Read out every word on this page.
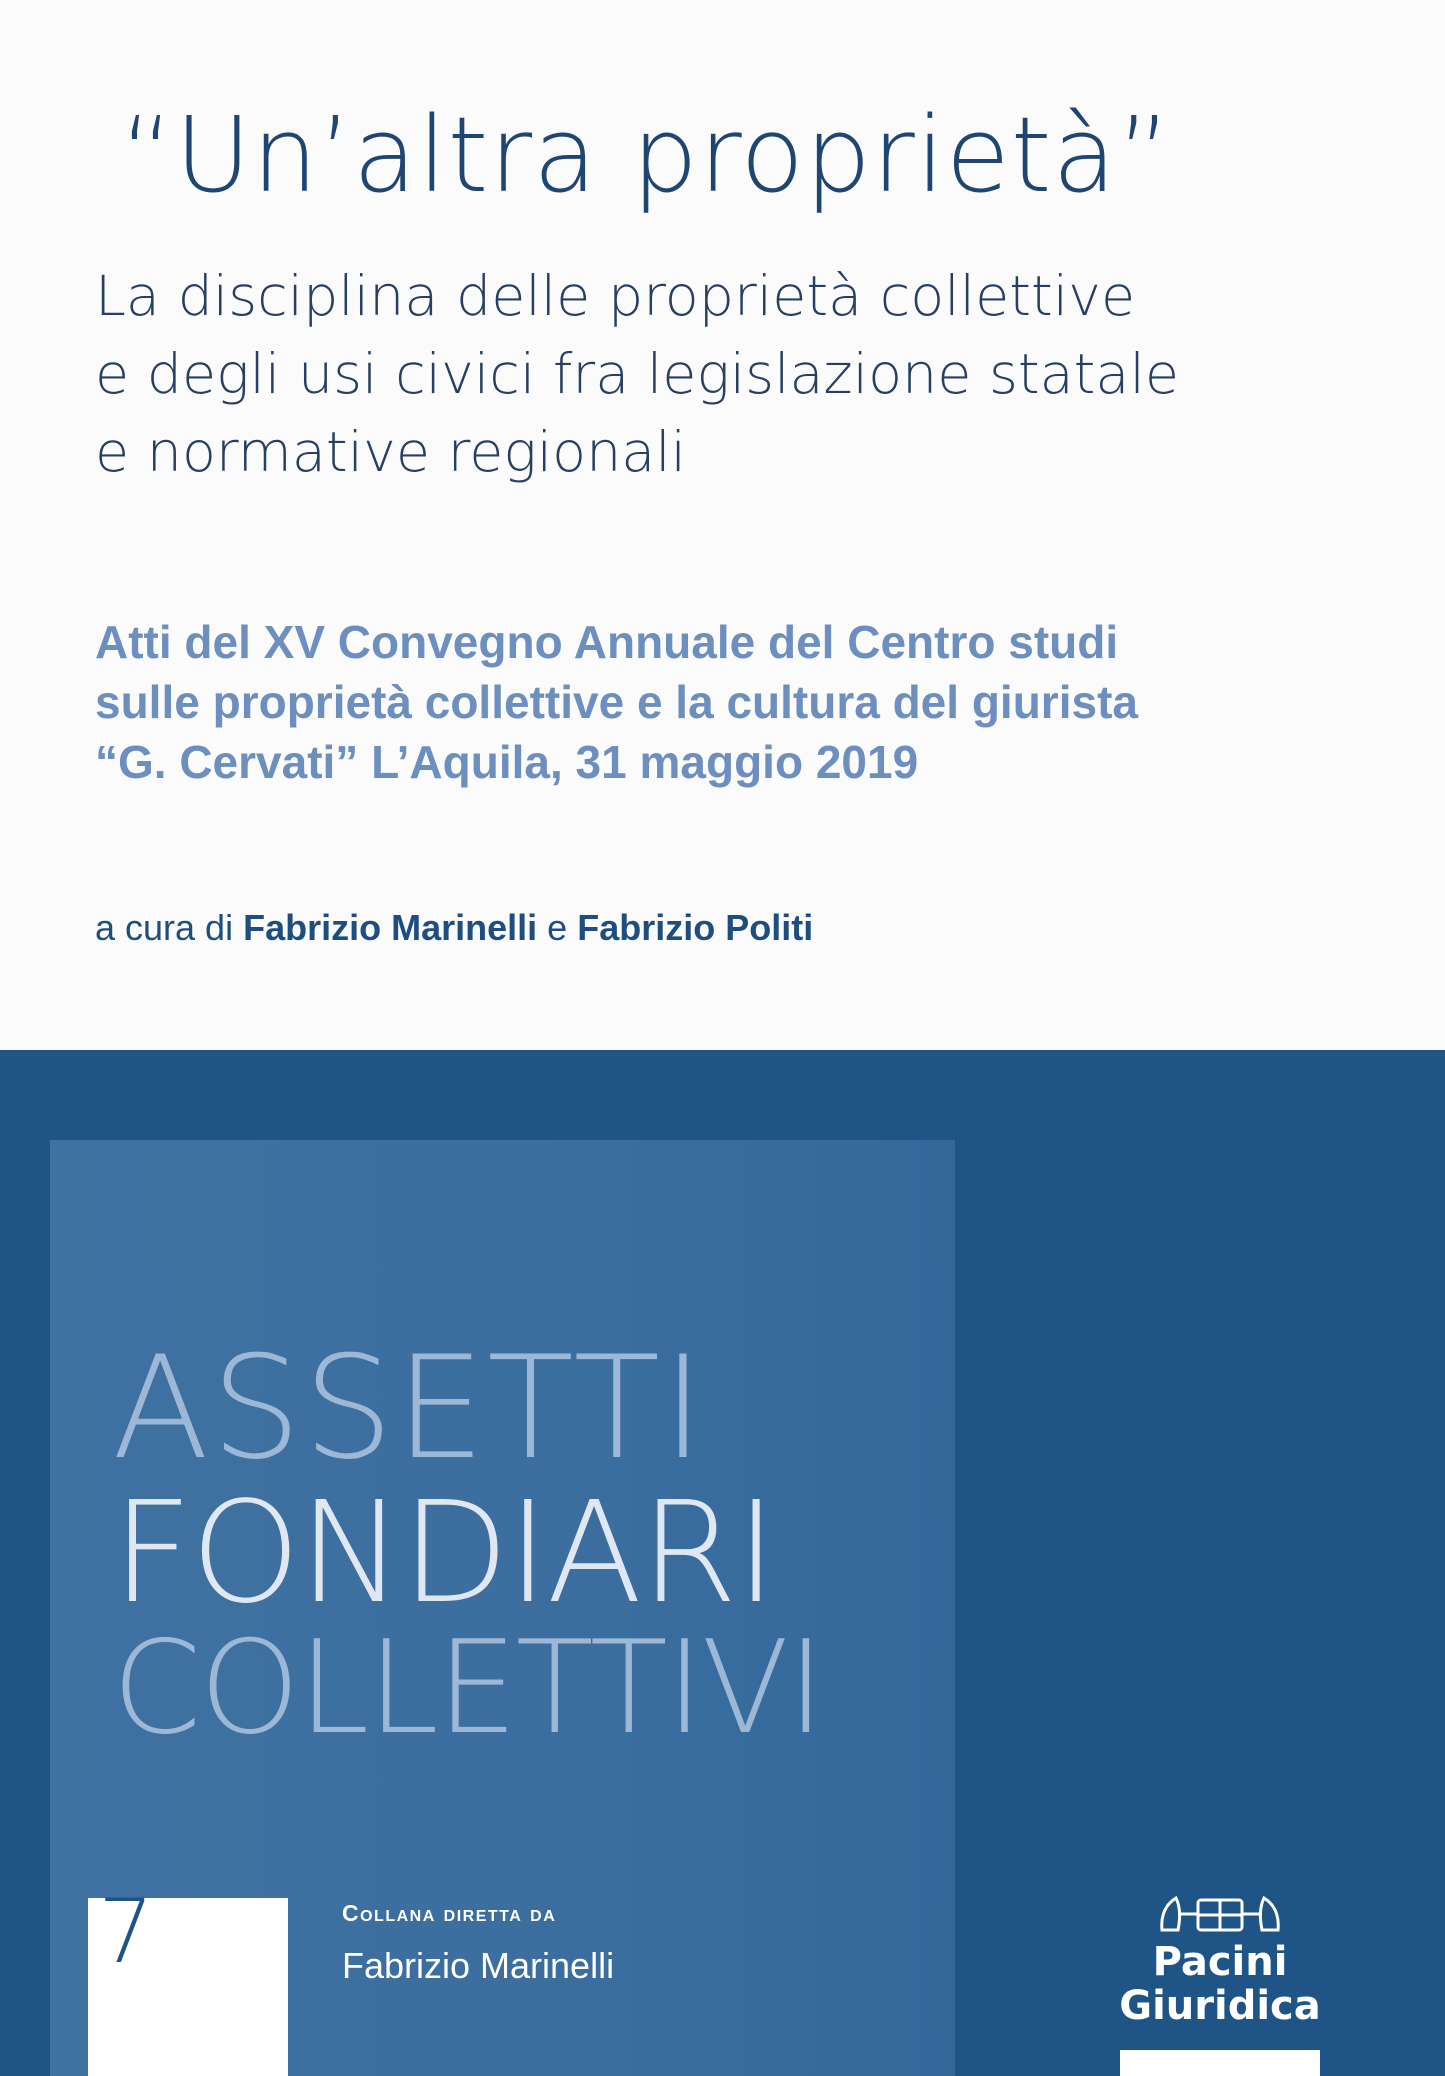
“Un’altra proprietà”
La disciplina delle proprietà collettive
e degli usi civici fra legislazione statale
e normative regionali
Atti del XV Convegno Annuale del Centro studi
sulle proprietà collettive e la cultura del giurista
“G. Cervati” L’Aquila, 31 maggio 2019
a cura di Fabrizio Marinelli e Fabrizio Politi
ASSETTI
FONDIARI
COLLETTIVI
7	Collana diretta da
Fabrizio Marinelli	Pacini
Giuridica
